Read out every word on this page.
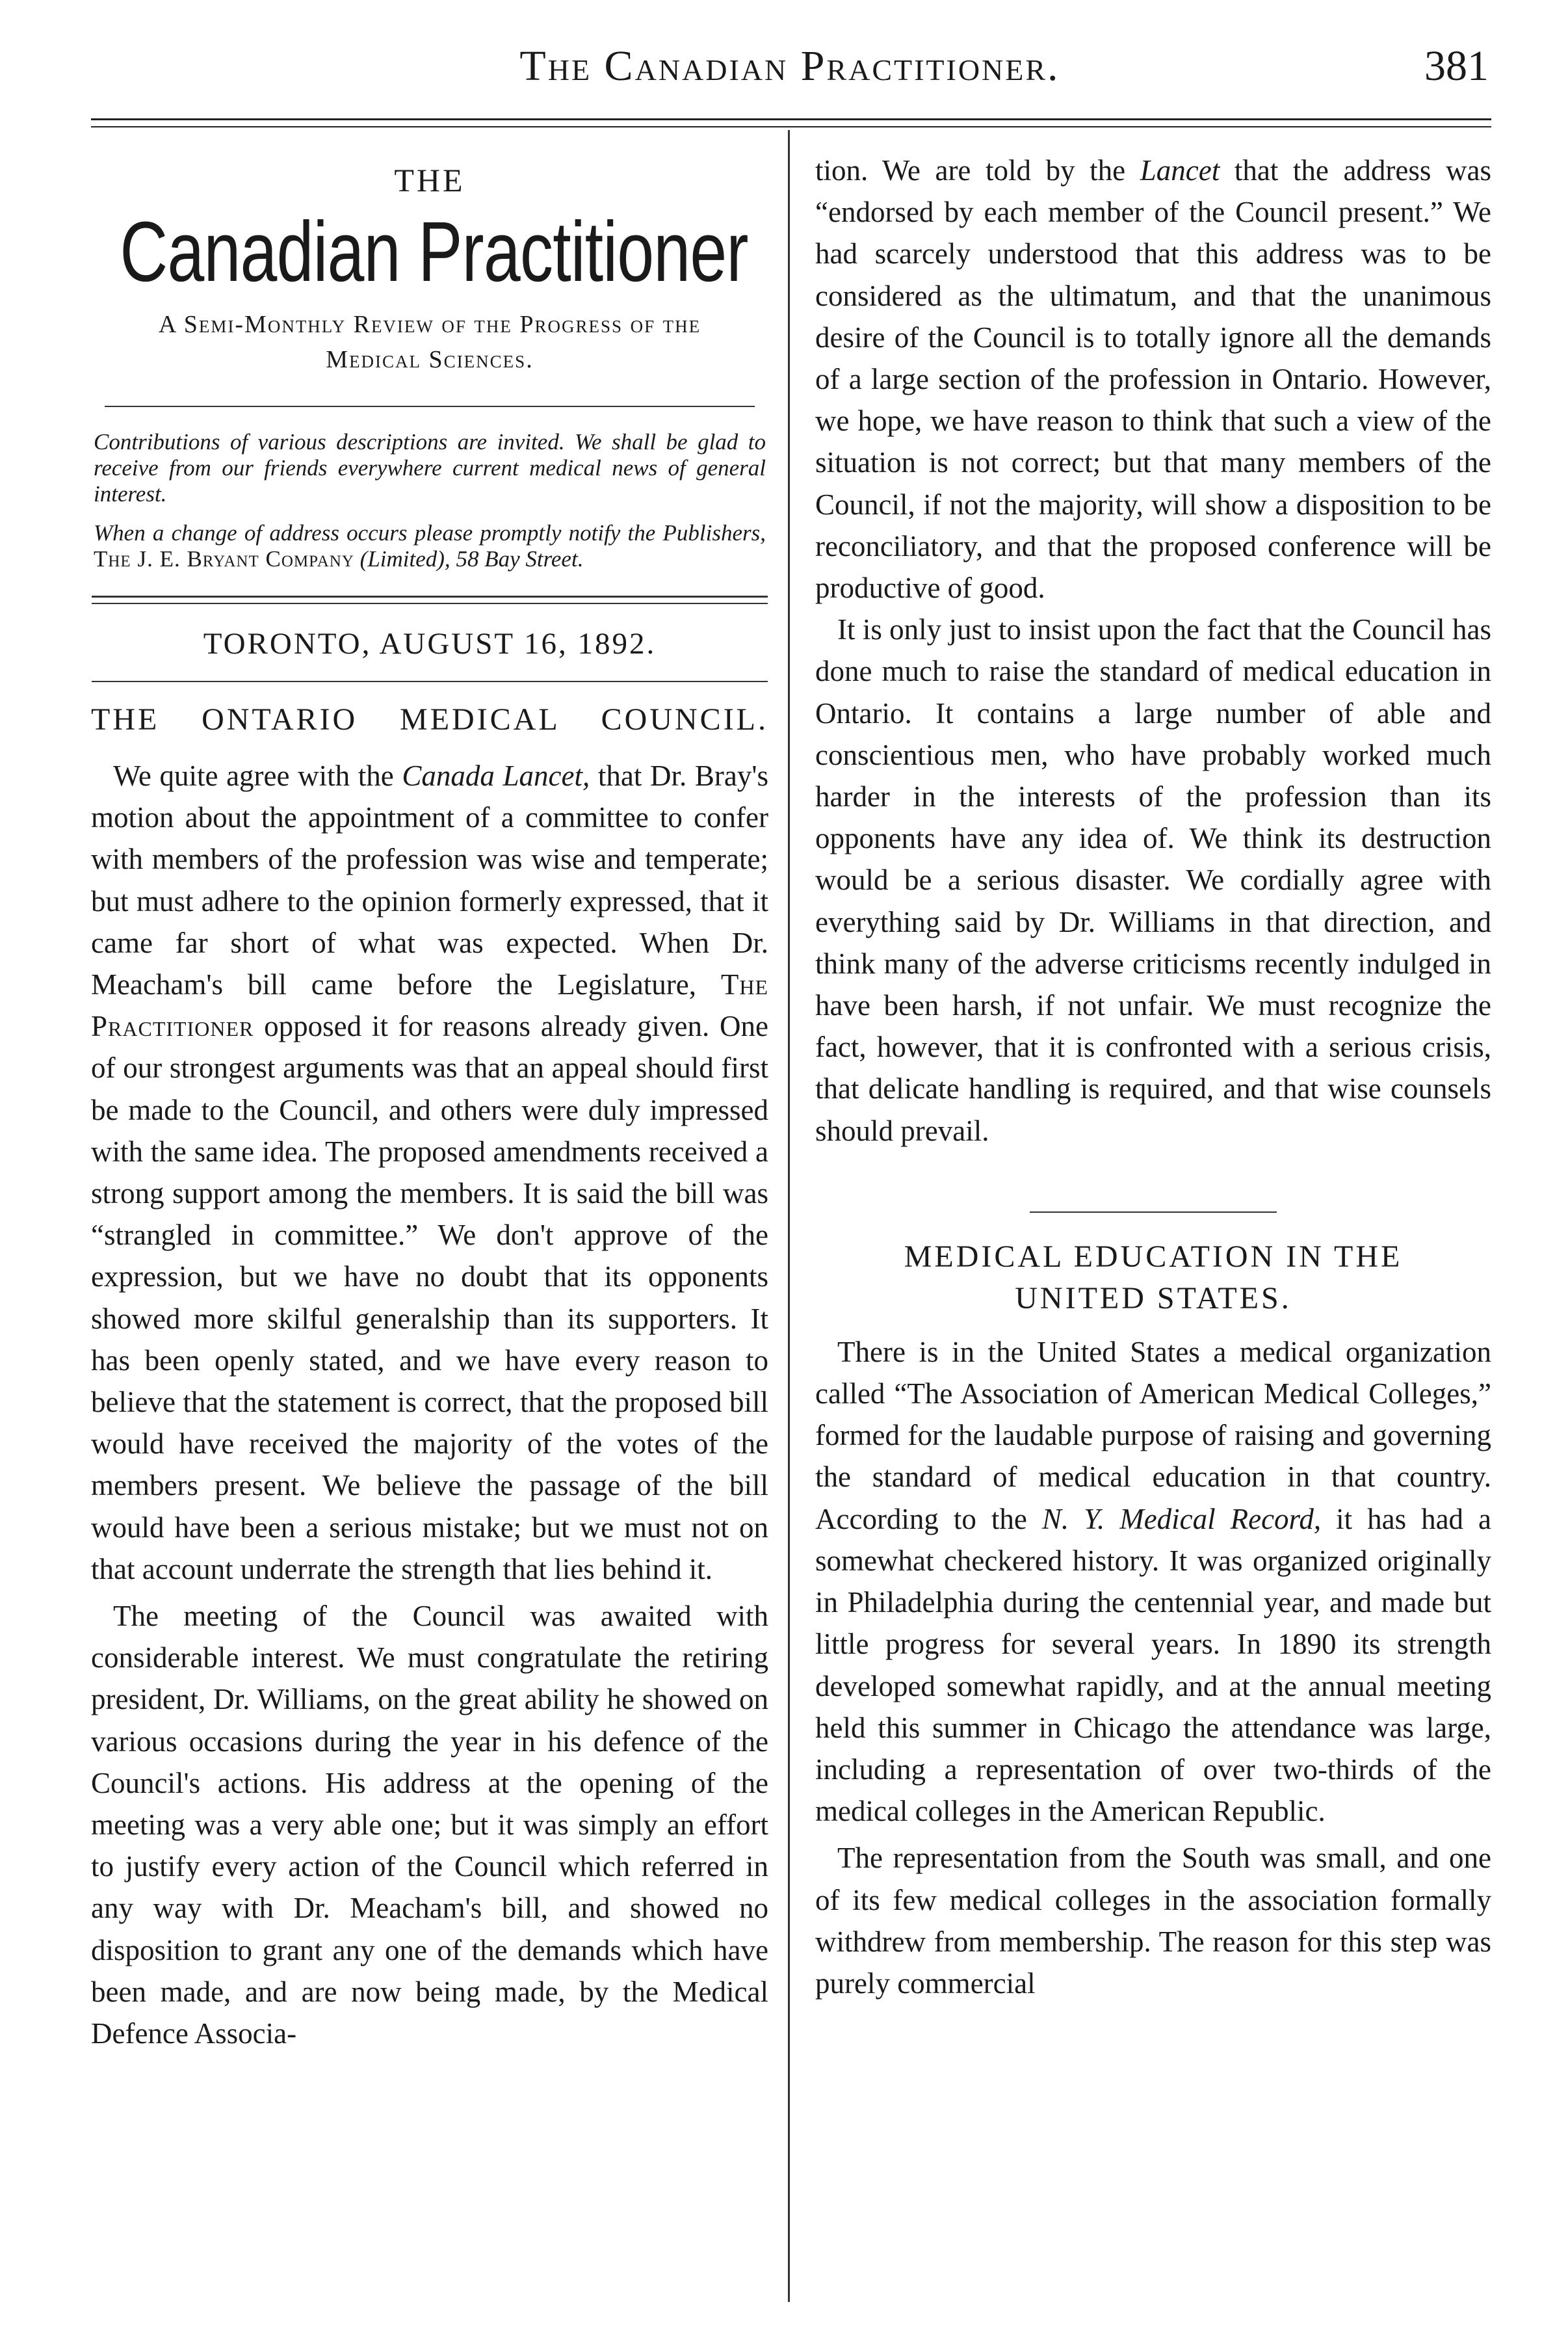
The Canadian Practitioner.	381
THE
Canadian Practitioner
A Semi-Monthly Review of the Progress of the Medical Sciences.

Contributions of various descriptions are invited. We shall be glad to receive from our friends everywhere current medical news of general interest.

When a change of address occurs please promptly notify the Publishers, The J. E. Bryant Company (Limited), 58 Bay Street.

TORONTO, AUGUST 16, 1892.
THE ONTARIO MEDICAL COUNCIL.

We quite agree with the Canada Lancet, that Dr. Bray's motion about the appointment of a committee to confer with members of the profession was wise and temperate; but must adhere to the opinion formerly expressed, that it came far short of what was expected. When Dr. Meacham's bill came before the Legislature, The Practitioner opposed it for reasons already given. One of our strongest arguments was that an appeal should first be made to the Council, and others were duly impressed with the same idea. The proposed amendments received a strong support among the members. It is said the bill was “strangled in committee.” We don't approve of the expression, but we have no doubt that its opponents showed more skilful generalship than its supporters. It has been openly stated, and we have every reason to believe that the statement is correct, that the proposed bill would have received the majority of the votes of the members present. We believe the passage of the bill would have been a serious mistake; but we must not on that account underrate the strength that lies behind it.

The meeting of the Council was awaited with considerable interest. We must congratulate the retiring president, Dr. Williams, on the great ability he showed on various occasions during the year in his defence of the Council's actions. His address at the opening of the meeting was a very able one; but it was simply an effort to justify every action of the Council which referred in any way with Dr. Meacham's bill, and showed no disposition to grant any one of the demands which have been made, and are now being made, by the Medical Defence Associa-

tion. We are told by the Lancet that the address was “endorsed by each member of the Council present.” We had scarcely understood that this address was to be considered as the ultimatum, and that the unanimous desire of the Council is to totally ignore all the demands of a large section of the profession in Ontario. However, we hope, we have reason to think that such a view of the situation is not correct; but that many members of the Council, if not the majority, will show a disposition to be reconciliatory, and that the proposed conference will be productive of good.

It is only just to insist upon the fact that the Council has done much to raise the standard of medical education in Ontario. It contains a large number of able and conscientious men, who have probably worked much harder in the interests of the profession than its opponents have any idea of. We think its destruction would be a serious disaster. We cordially agree with everything said by Dr. Williams in that direction, and think many of the adverse criticisms recently indulged in have been harsh, if not unfair. We must recognize the fact, however, that it is confronted with a serious crisis, that delicate handling is required, and that wise counsels should prevail.

MEDICAL EDUCATION IN THE
UNITED STATES.

There is in the United States a medical organization called “The Association of American Medical Colleges,” formed for the laudable purpose of raising and governing the standard of medical education in that country. According to the N. Y. Medical Record, it has had a somewhat checkered history. It was organized originally in Philadelphia during the centennial year, and made but little progress for several years. In 1890 its strength developed somewhat rapidly, and at the annual meeting held this summer in Chicago the attendance was large, including a representation of over two-thirds of the medical colleges in the American Republic.

The representation from the South was small, and one of its few medical colleges in the association formally withdrew from membership. The reason for this step was purely commercial
